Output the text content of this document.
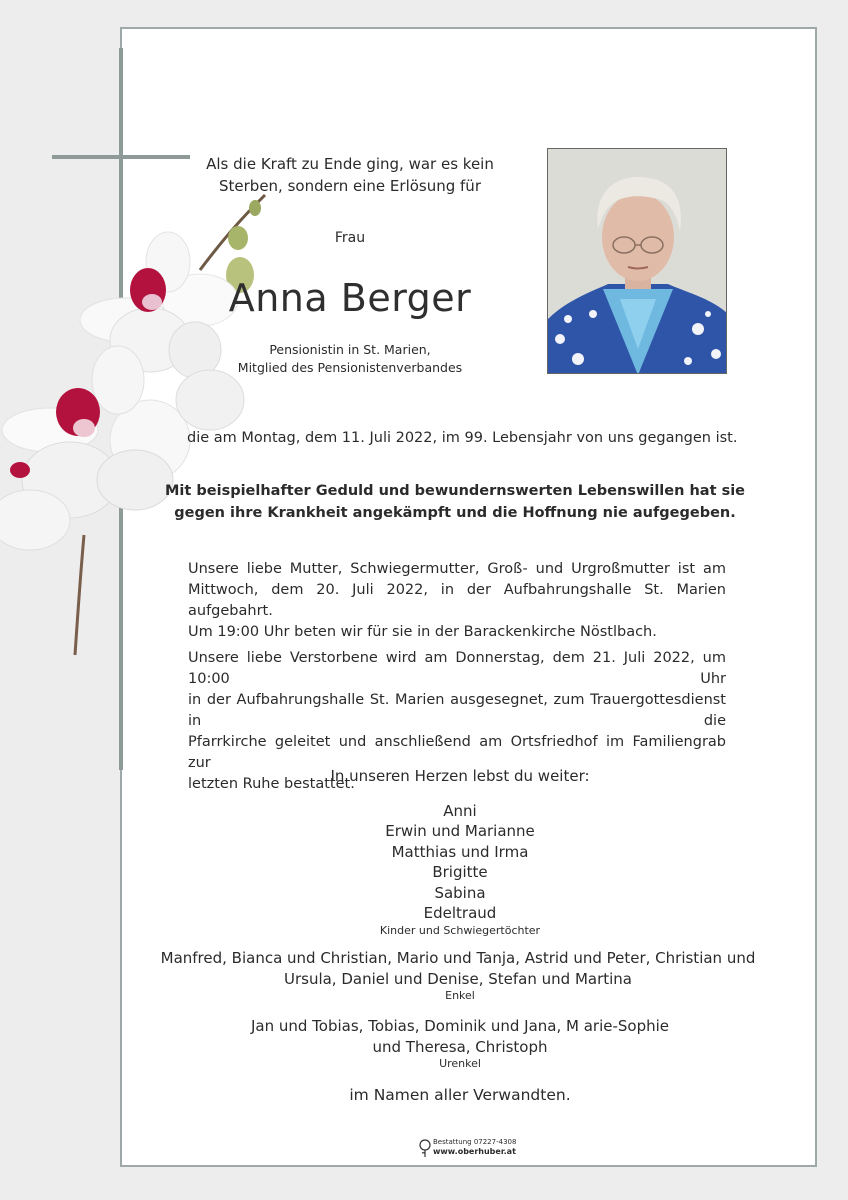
Als die Kraft zu Ende ging, war es kein
Sterben, sondern eine Erlösung für
Frau
Anna Berger
Pensionistin in St. Marien,
Mitglied des Pensionistenverbandes
die am Montag, dem 11. Juli 2022, im 99. Lebensjahr von uns gegangen ist.
Mit beispielhafter Geduld und bewundernswerten Lebenswillen hat sie
gegen ihre Krankheit angekämpft und die Hoffnung nie aufgegeben.
Unsere liebe Mutter, Schwiegermutter, Groß- und Urgroßmutter ist am
Mittwoch, dem 20. Juli 2022, in der Aufbahrungshalle St. Marien aufgebahrt.
Um 19:00 Uhr beten wir für sie in der Barackenkirche Nöstlbach.
Unsere liebe Verstorbene wird am Donnerstag, dem 21. Juli 2022, um 10:00 Uhr
in der Aufbahrungshalle St. Marien ausgesegnet, zum Trauergottesdienst in die
Pfarrkirche geleitet und anschließend am Ortsfriedhof im Familiengrab zur
letzten Ruhe bestattet.
In unseren Herzen lebst du weiter:
Anni
Erwin und Marianne
Matthias und Irma
Brigitte
Sabina
Edeltraud
Kinder und Schwiegertöchter
Manfred, Bianca und Christian, Mario und Tanja, Astrid und Peter, Christian und Ursula, Daniel und Denise, Stefan und Martina
Enkel
Jan und Tobias, Tobias, Dominik und Jana, M arie-Sophie und Theresa, Christoph
Urenkel
im Namen aller Verwandten.
Bestattung 07227-4308
www.oberhuber.at
